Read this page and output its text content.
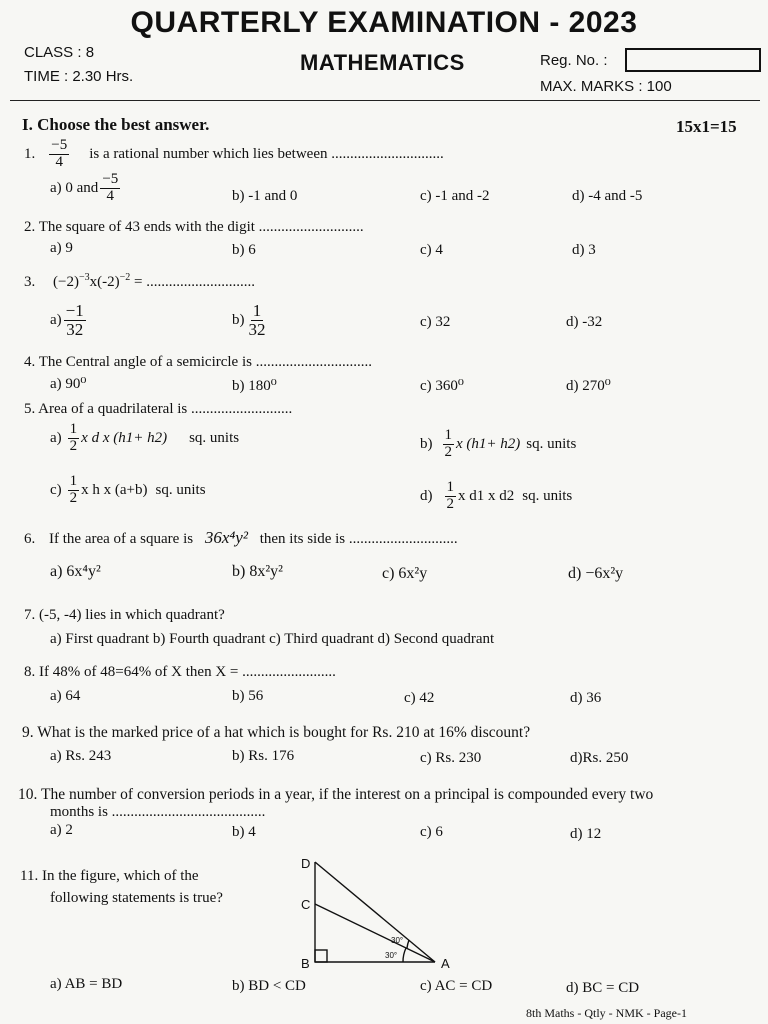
QUARTERLY EXAMINATION - 2023
CLASS : 8
TIME : 2.30 Hrs.
MATHEMATICS	Reg. No. :
MAX. MARKS : 100
I. Choose the best answer.	15x1=15
1. $\frac{-5}{4}$ is a rational number which lies between ..............................
a) 0 and $\frac{-5}{4}$	b) -1 and 0	c) -1 and -2	d) -4 and -5
2. The square of 43 ends with the digit ............................
a) 9	b) 6	c) 4	d) 3
3. $(-2)^{-3}x(-2)^{-2}$ = .............................
$a) \frac{-1}{32}$	$b) \frac{1}{32}$	c) 32	d) -32
4. The Central angle of a semicircle is ...............................
a) 90⁰	b) 180⁰	c) 360⁰	d) 270⁰
5. Area of a quadrilateral is ...........................
$a) \frac{1}{2}$ x d x (h1+ h2) sq. units	$b) \frac{1}{2}$ x (h1+ h2) sq. units
$c) \frac{1}{2}$ x h x (a+b) sq. units	$d) \frac{1}{2}$ x d1 x d2 sq. units
6. If the area of a square is 36x⁴y² then its side is .............................
a) 6x⁴y²	b) 8x²y²	c) 6x²y	d) −6x²y
7. (-5, -4) lies in which quadrant?
a) First quadrant b) Fourth quadrant c) Third quadrant d) Second quadrant
8. If 48% of 48=64% of X then X = .........................
a) 64	b) 56	c) 42	d) 36
9. What is the marked price of a hat which is bought for Rs. 210 at 16% discount?
a) Rs. 243	b) Rs. 176	c) Rs. 230	d)Rs. 250
10. The number of conversion periods in a year, if the interest on a principal is compounded every two
months is .........................................
a) 2	b) 4	c) 6	d) 12
11. In the figure, which of the
following statements is true?
D
C
B	A
30°
30°
a) AB = BD	b) BD < CD	c) AC = CD	d) BC = CD
8th Maths - Qtly - NMK - Page-1
